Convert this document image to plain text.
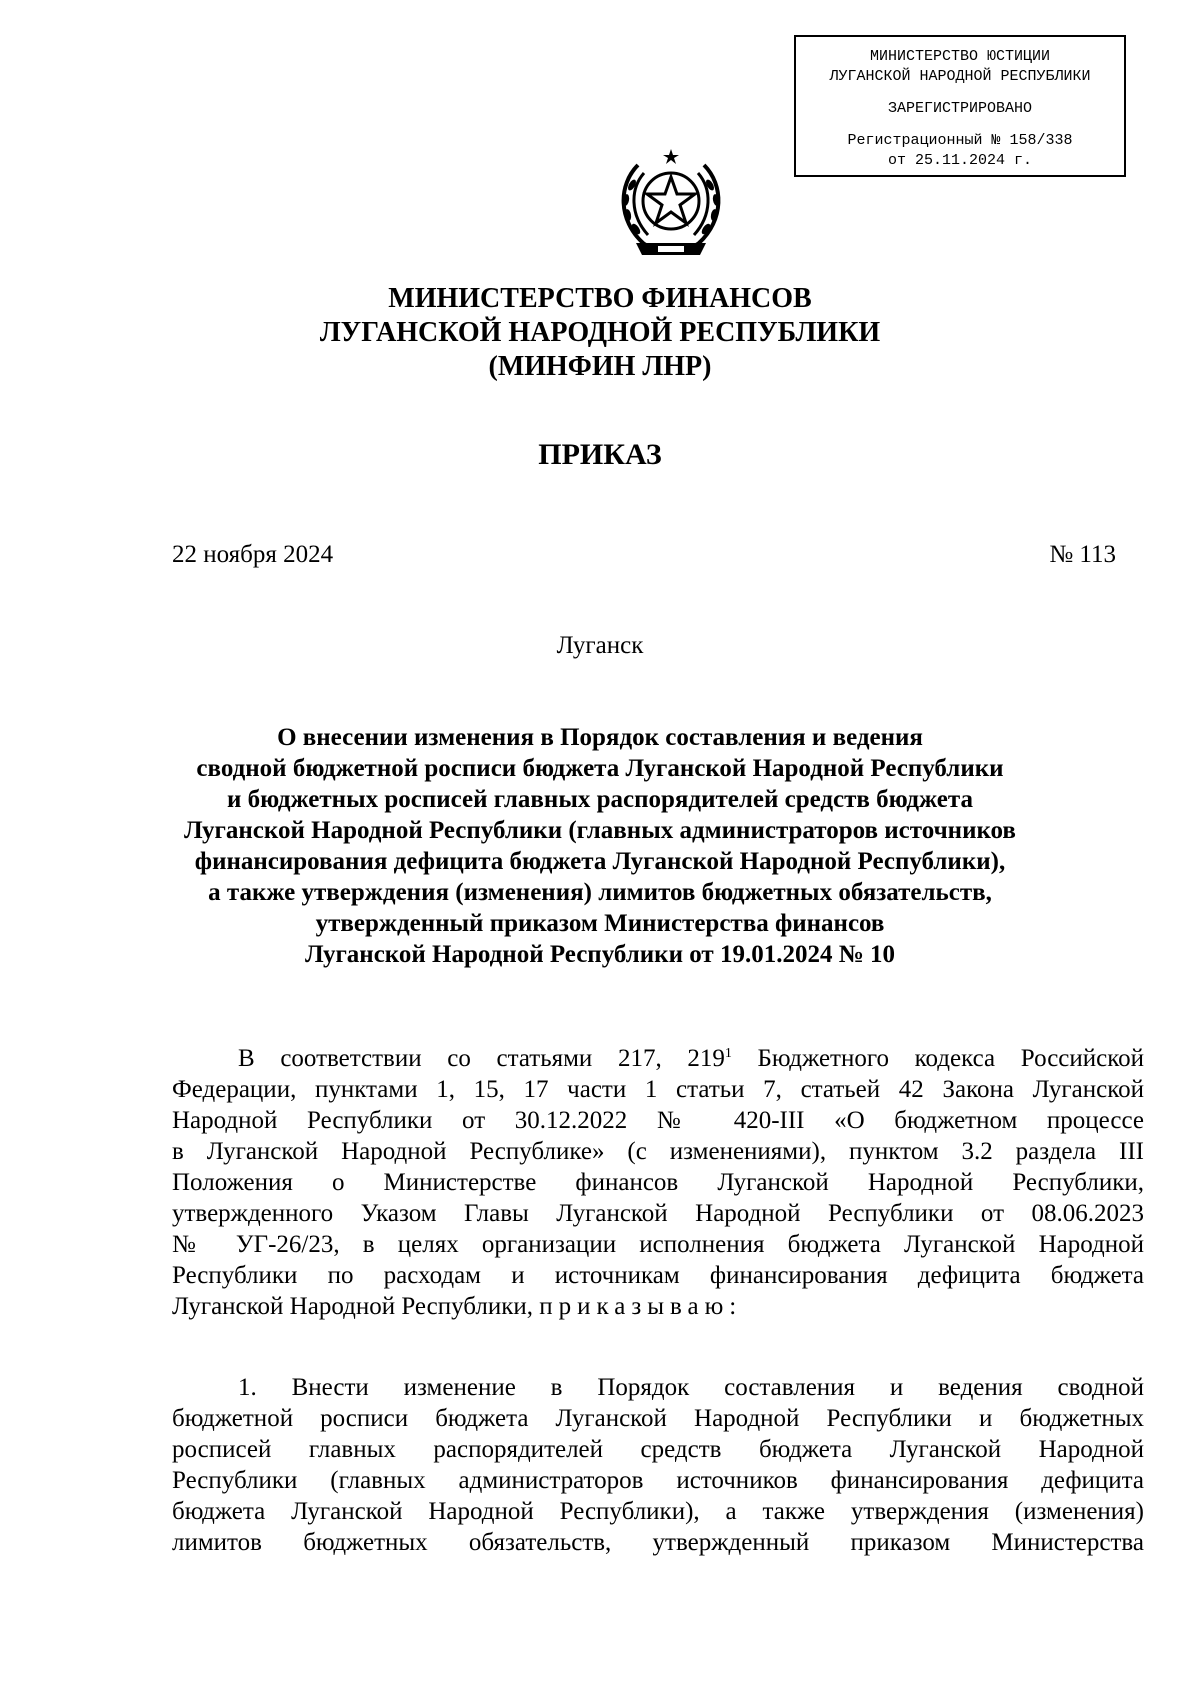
МИНИСТЕРСТВО ЮСТИЦИИ
ЛУГАНСКОЙ НАРОДНОЙ РЕСПУБЛИКИ
ЗАРЕГИСТРИРОВАНО
Регистрационный № 158/338
от 25.11.2024 г.
МИНИСТЕРСТВО ФИНАНСОВ
ЛУГАНСКОЙ НАРОДНОЙ РЕСПУБЛИКИ
(МИНФИН ЛНР)
ПРИКАЗ
22 ноября 2024	№ 113
Луганск
О внесении изменения в Порядок составления и ведения
сводной бюджетной росписи бюджета Луганской Народной Республики
и бюджетных росписей главных распорядителей средств бюджета
Луганской Народной Республики (главных администраторов источников
финансирования дефицита бюджета Луганской Народной Республики),
а также утверждения (изменения) лимитов бюджетных обязательств,
утвержденный приказом Министерства финансов
Луганской Народной Республики от 19.01.2024 № 10
В соответствии со статьями 217, $219^1$ Бюджетного кодекса Российской
Федерации, пунктами 1, 15, 17 части 1 статьи 7, статьей 42 Закона Луганской
Народной Республики от 30.12.2022 № 420-III «О бюджетном процессе
в Луганской Народной Республике» (с изменениями), пунктом 3.2 раздела III
Положения о Министерстве финансов Луганской Народной Республики,
утвержденного Указом Главы Луганской Народной Республики от 08.06.2023
№ УГ-26/23, в целях организации исполнения бюджета Луганской Народной
Республики по расходам и источникам финансирования дефицита бюджета
Луганской Народной Республики, приказываю:
1. Внести изменение в Порядок составления и ведения сводной
бюджетной росписи бюджета Луганской Народной Республики и бюджетных
росписей главных распорядителей средств бюджета Луганской Народной
Республики (главных администраторов источников финансирования дефицита
бюджета Луганской Народной Республики), а также утверждения (изменения)
лимитов бюджетных обязательств, утвержденный приказом Министерства
